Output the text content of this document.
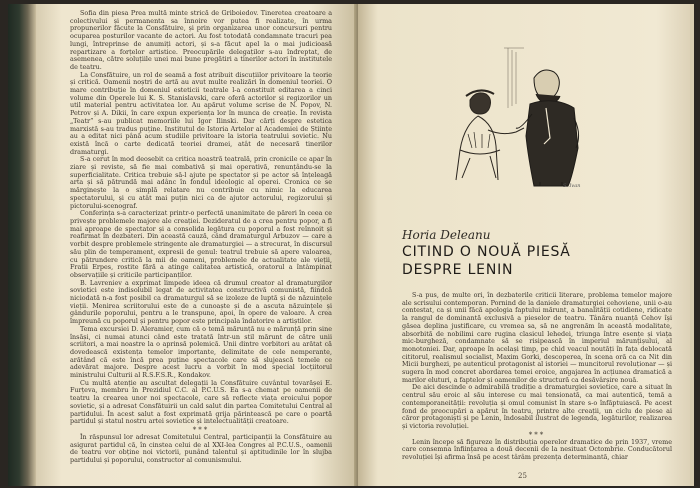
Sofia din piesa Prea multă minte strică de Griboiedov. Tineretea creatoare a colectivului și permanenta sa înnoire vor putea fi realizate, în urma propunerilor făcute la Consfătuire, și prin organizarea unor concursuri pentru ocuparea posturilor vacante de actori. Au fost totodată condamnate tracuri pea lungi, întreprinse de anumiți actori, și s-a făcut apel la o mai judicioasă repartizare a forțelor artistice. Preocupările delegaților s-au îndreptat, de asemenea, către soluțiile unei mai bune pregătiri a tinerilor actori în institutele de teatru.

La Consfătuire, un rol de seamă a fost atribuit discuțiilor privitoare la teorie și critică. Oamenii noștri de artă au avut multe realizări în domeniul teoriei. O mare contribuție în domeniul esteticii teatrale l-a constituit editarea a cinci volume din Operele lui K. S. Stanislavski, care oferă actorilor și regizorilor un util material pentru activitatea lor. Au apărut volume scrise de N. Popov, N. Petrov și A. Dikii, în care expun experiența lor în munca de creație. În revista „Teatr” s-au publicat memoriile lui Igor Ilinski. Dar cărți despre estetica marxistă s-au tradus puține. Institutul de Istoria Artelor al Academiei de Științe au a editat nici până acum studiile privitoare la istoria teatrului sovietic. Nu există încă o carte dedicată teoriei dramei, atât de necesară tinerilor dramaturgi.

S-a cerut în mod deosebit ca critica noastră teatrală, prin cronicile ce apar în ziare și reviste, să fie mai combativă și mai operativă, renunțându-se la superficialitate. Critica trebuie să-l ajute pe spectator și pe actor să înțeleagă arta și să pătrundă mai adânc în fondul ideologic al operei. Cronica ce se mărginește la o simplă relatare nu contribuie cu nimic la educarea spectatorului, și cu atât mai puțin nici ca de ajutor actorului, regizorului și pictorului-scenograf.

Conferința s-a caracterizat printr-o perfectă unanimitate de păreri în ceea ce privește problemele majore ale creației. Dezideratul de a crea pentru popor, a fi mai aproape de spectator și a consolida legătura cu poporul a fost reînnoit și reafirmat în dezbateri. Din această cauză, când dramaturgul Arbuzov — care a vorbit despre problemele stringente ale dramaturgiei — a strecurat, în discursul său plin de temperament, expresii de genul: teatrul trebuie să apere valoarea, cu pătrundere critică la mii de oameni, problemele de actualitate ale vieții, Fratii Erpes, rostite fără a atinge calitatea artistică, oratorul a întâmpinat observațiile și criticile participanților.

B. Lavreniev a exprimat limpede ideea că drumul creator al dramaturgilor sovietici este indisolubil legat de activitatea constructivă comunistă, fiindcă niciodată n-a fost posibil ca dramaturgul să se izoleze de luptă și de năzuințele vieții. Menirea scriitorului este de a cunoaște și de a ascuta năzuințele și gândurile poporului, pentru a le transpune, apoi, în opere de valoare. A crea împreună cu poporul și pentru popor este principala îndatorire a artiștilor.

Tema excursiei D. Aleramier, cum că o temă mărunță nu e mărunță prin sine însăși, ci numai atunci când este tratată într-un stil mărunt de către unii scriitori, a mai noastre la o aprinsă polemică. Unii dintre vorbitori au arătat că dovedească existența temelor importante, delimitate de cele nemperante, arătând că este încă prea puține spectacole care să slujească temele ce adevărat majore. Despre acest lucru a vorbit în mod special locțiitorul ministrului Culturii al R.S.F.S.R., Kondakov.

Cu multă atenție au ascultat delegații la Consfătuire cuvântul tovarășei E. Furțeva, membru în Prezidiul C.C. al P.C.U.S. Ea s-a chemat pe oamenii de teatru la crearea unor noi spectacole, care să reflecte viața eroicului popor sovietic, și a adresat Consfătuirii un cald salut din partea Comitetului Central al partidului. În acest salut a fost exprimată grija părintească pe care o poartă partidul și statul nostru artei sovietice și intelectualității creatoare.

***

În răspunsul lor adresat Comitetului Central, participanții la Consfătuire au asigurat partidul că, în cinstea celui de al XXI-lea Congres al P.C.U.S., oamenii de teatru vor obține noi victorii, punând talentul și aptitudinile lor în slujba partidului și poporului, constructor al comunismului.

S. Ivan
Horia Deleanu
CITIND O NOUĂ PIESĂ
DESPRE LENIN

S-a pus, de multe ori, în dezbaterile criticii literare, problema temelor majore ale scrisului contemporan. Pornind de la daniele dramaturgiei cehoviene, unii o-au contestat, ca și unii făcă apologia faptului mărunt, a banalității cotidiene, ridicate la rangul de dominantă exclusivă a pieselor de teatru. Tânăra nuanță Cehov își găsea deplina justificare, cu vremea sa, să ne angrenăm în această modalitate, absorbită de nobilimi care rugina clasicul lehedei, triunga între esențe și viața mic-burgheză, condamnate să se risipească în imperiul mărunțișului, al monotoniei. Dar, aproape în același timp, pe chid veacul noutăți în fața deblocată cititorul, realismul socialist, Maxim Gorki, descoperea, în scena oră ca ca Nit din Micii burghezi, pe autenticul protagonist al istoriei — muncitorul revoluționar — și sugera în mod concret abordarea temei eroice, angajarea în acțiunea dramatică a marilor eluturi, a faptelor și oamenilor de structură ca desăvârșire nouă.

De aici descinde o admirabilă tradiție a dramaturgiei sovietice, care a situat în centrul său eroic al său interese cu mai tensionată, ca mai autentică, temă a contemporaneității: revoluția și omul comunist în stare s-o înfăptuiască. Pe acest fond de preocupări a apărut în teatru, printre alte creații, un ciclu de piese ai căror protagoniști și pe Lenin, îndosabil ilustrat de legenda, legăturilor, realizarea și victoria revoluției.

***

Lenin începe să figureze în distribuția operelor dramatice de prin 1937, vreme care consemna înființarea a două decenii de la nesituat Octombrie. Conducătorul revoluției își afirma însă pe acest târâm prezența determinantă, chiar

25
